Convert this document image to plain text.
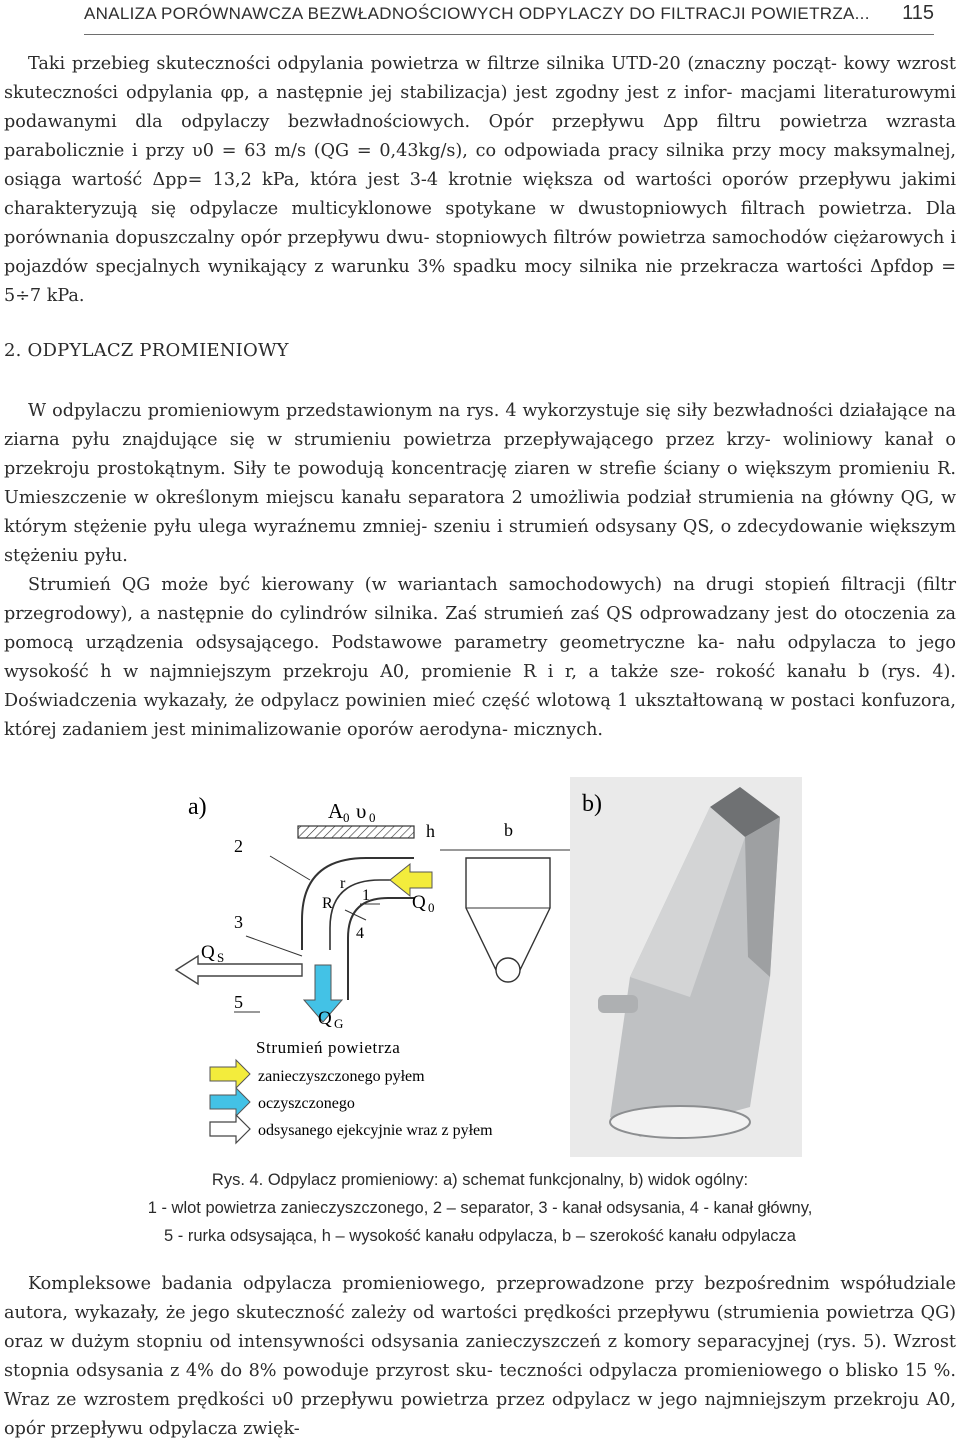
ANALIZA PORÓWNAWCZA BEZWŁADNOŚCIOWYCH ODPYLACZY DO FILTRACJI POWIETRZA... 115

Taki przebieg skuteczności odpylania powietrza w filtrze silnika UTD-20 (znaczny począt- kowy wzrost skuteczności odpylania φp, a następnie jej stabilizacja) jest zgodny jest z infor- macjami literaturowymi podawanymi dla odpylaczy bezwładnościowych. Opór przepływu Δpp filtru powietrza wzrasta parabolicznie i przy υ0 = 63 m/s (QG = 0,43kg/s), co odpowiada pracy silnika przy mocy maksymalnej, osiąga wartość Δpp= 13,2 kPa, która jest 3-4 krotnie większa od wartości oporów przepływu jakimi charakteryzują się odpylacze multicyklonowe spotykane w dwustopniowych filtrach powietrza. Dla porównania dopuszczalny opór przepływu dwu- stopniowych filtrów powietrza samochodów ciężarowych i pojazdów specjalnych wynikający z warunku 3% spadku mocy silnika nie przekracza wartości Δpfdop = 5÷7 kPa.

2. ODPYLACZ PROMIENIOWY

W odpylaczu promieniowym przedstawionym na rys. 4 wykorzystuje się siły bezwładności działające na ziarna pyłu znajdujące się w strumieniu powietrza przepływającego przez krzy- woliniowy kanał o przekroju prostokątnym. Siły te powodują koncentrację ziaren w strefie ściany o większym promieniu R. Umieszczenie w określonym miejscu kanału separatora 2 umożliwia podział strumienia na główny QG, w którym stężenie pyłu ulega wyraźnemu zmniej- szeniu i strumień odsysany QS, o zdecydowanie większym stężeniu pyłu.

Strumień QG może być kierowany (w wariantach samochodowych) na drugi stopień filtracji (filtr przegrodowy), a następnie do cylindrów silnika. Zaś strumień zaś QS odprowadzany jest do otoczenia za pomocą urządzenia odsysającego. Podstawowe parametry geometryczne ka- nału odpylacza to jego wysokość h w najmniejszym przekroju A0, promienie R i r, a także sze- rokość kanału b (rys. 4). Doświadczenia wykazały, że odpylacz powinien mieć część wlotową 1 ukształtowaną w postaci konfuzora, której zadaniem jest minimalizowanie oporów aerodyna- micznych.

a)	A 0 υ 0
h
2
r
R 1
4
3
Q S
5
Q G
Q 0
b
Strumień powietrza
zanieczyszczonego pyłem
oczyszczonego
odsysanego ejekcyjnie wraz z pyłem
b)
Rys. 4. Odpylacz promieniowy: a) schemat funkcjonalny, b) widok ogólny:
1 - wlot powietrza zanieczyszczonego, 2 – separator, 3 - kanał odsysania, 4 - kanał główny,
5 - rurka odsysająca, h – wysokość kanału odpylacza, b – szerokość kanału odpylacza

Kompleksowe badania odpylacza promieniowego, przeprowadzone przy bezpośrednim współudziale autora, wykazały, że jego skuteczność zależy od wartości prędkości przepływu (strumienia powietrza QG) oraz w dużym stopniu od intensywności odsysania zanieczyszczeń z komory separacyjnej (rys. 5). Wzrost stopnia odsysania z 4% do 8% powoduje przyrost sku- teczności odpylacza promieniowego o blisko 15 %. Wraz ze wzrostem prędkości υ0 przepływu powietrza przez odpylacz w jego najmniejszym przekroju A0, opór przepływu odpylacza zwięk-
